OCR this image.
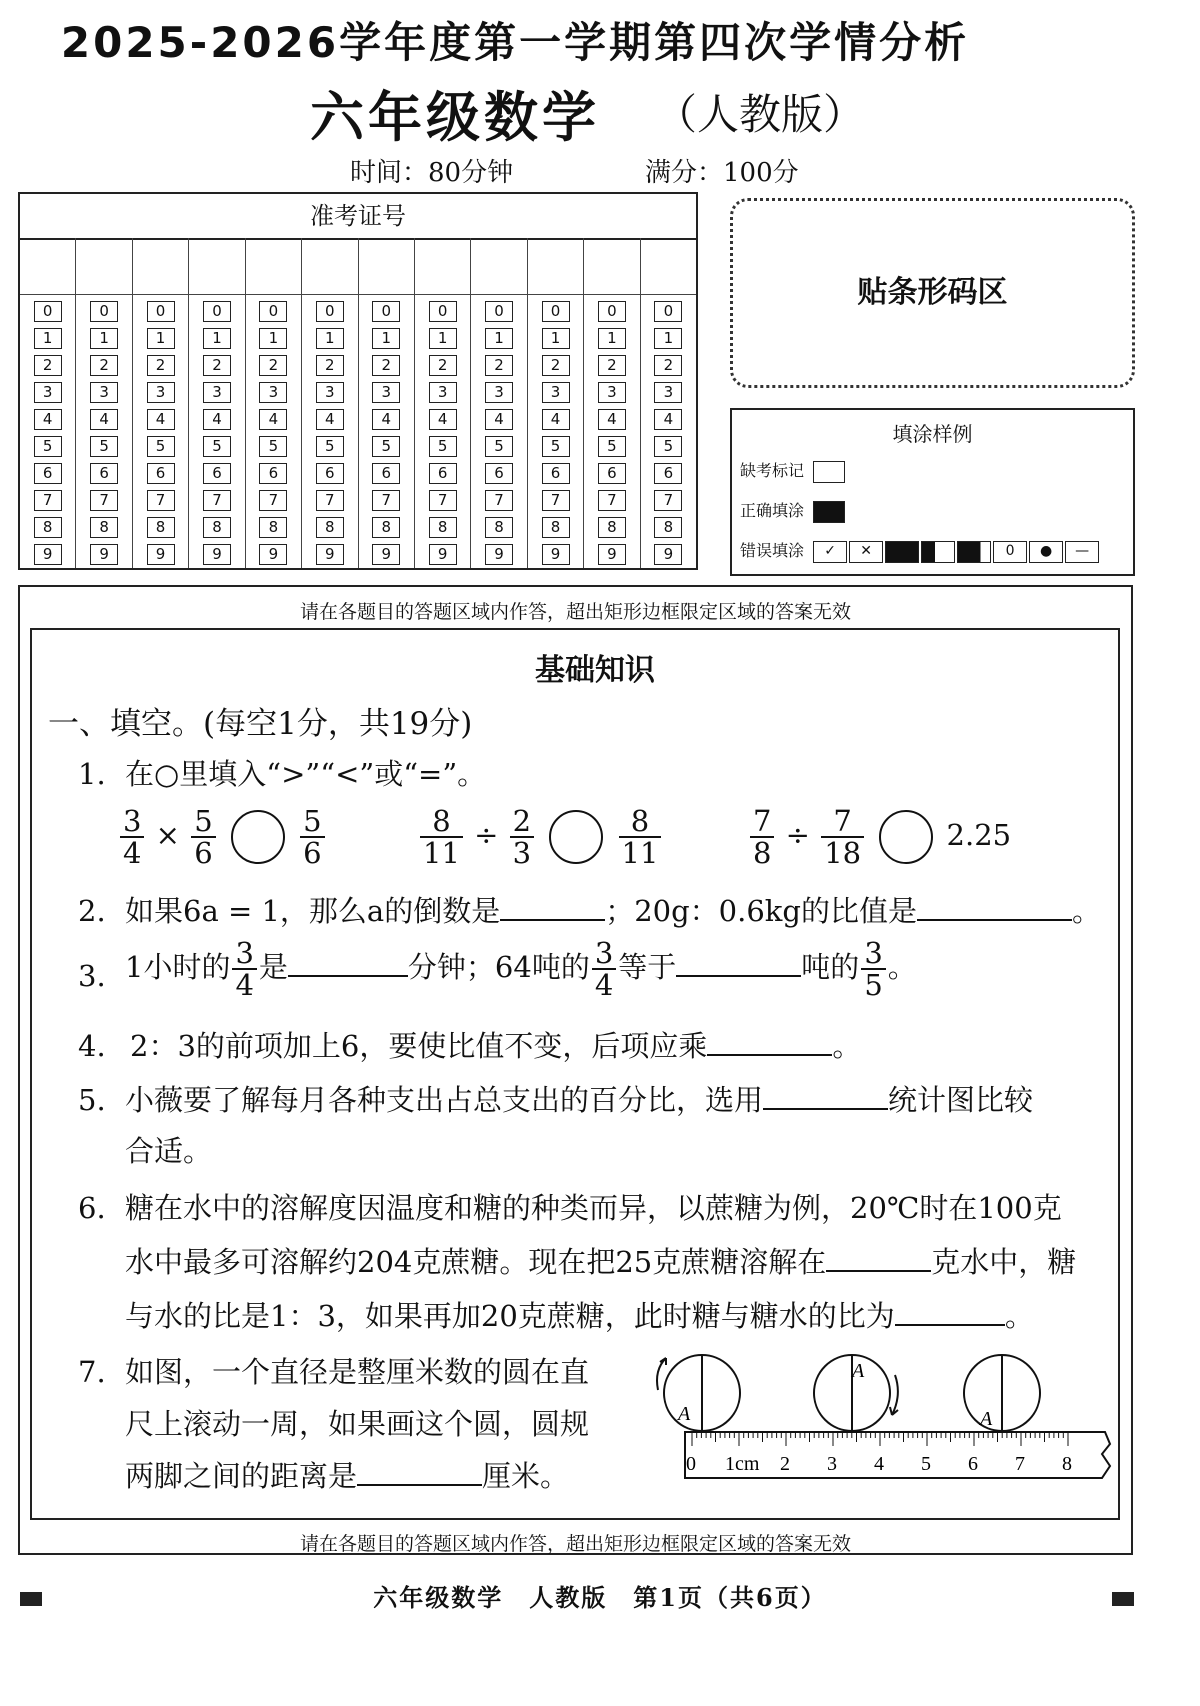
2025-2026学年度第一学期第四次学情分析
六年级数学 （人教版）
时间：80分钟	满分：100分
准考证号
0
1
2
3
4
5
6
7
8
9
0
1
2
3
4
5
6
7
8
9
0
1
2
3
4
5
6
7
8
9
0
1
2
3
4
5
6
7
8
9
0
1
2
3
4
5
6
7
8
9
0
1
2
3
4
5
6
7
8
9
0
1
2
3
4
5
6
7
8
9
0
1
2
3
4
5
6
7
8
9
0
1
2
3
4
5
6
7
8
9
0
1
2
3
4
5
6
7
8
9
0
1
2
3
4
5
6
7
8
9
0
1
2
3
4
5
6
7
8
9
贴条形码区
填涂样例
缺考标记
正确填涂
错误填涂	✓	✕	0	●	—
请在各题目的答题区域内作答，超出矩形边框限定区域的答案无效
请在各题目的答题区域内作答，超出矩形边框限定区域的答案无效
基础知识
一、填空。(每空1分，共19分)
1. 在○里填入“>”“<”或“=”。
$\frac{3}{4} \times \frac{5}{6}$
	$\frac{5}{6}$	$\frac{8}{11} \div \frac{2}{3}$
	$\frac{8}{11}$	$\frac{7}{8} \div \frac{7}{18}$	2.25
2. 如果6a = 1，那么a的倒数是	；20g：0.6kg的比值是	。
3. 1小时的 $\frac{3}{4}$ 是	分钟；64吨的 $\frac{3}{4}$ 等于	吨的 $\frac{3}{5}$ 。
4. 2：3的前项加上6，要使比值不变，后项应乘	。
5. 小薇要了解每月各种支出占总支出的百分比，选用	统计图比较
合适。
6. 糖在水中的溶解度因温度和糖的种类而异，以蔗糖为例，20℃时在100克
水中最多可溶解约204克蔗糖。现在把25克蔗糖溶解在	克水中，糖
与水的比是1：3，如果再加20克蔗糖，此时糖与糖水的比为	。
7. 如图，一个直径是整厘米数的圆在直
尺上滚动一周，如果画这个圆，圆规
两脚之间的距离是	厘米。
A
A
A
0 1cm 2 3 4 5 6 7 8
六年级数学　人教版　第1页（共6页）
